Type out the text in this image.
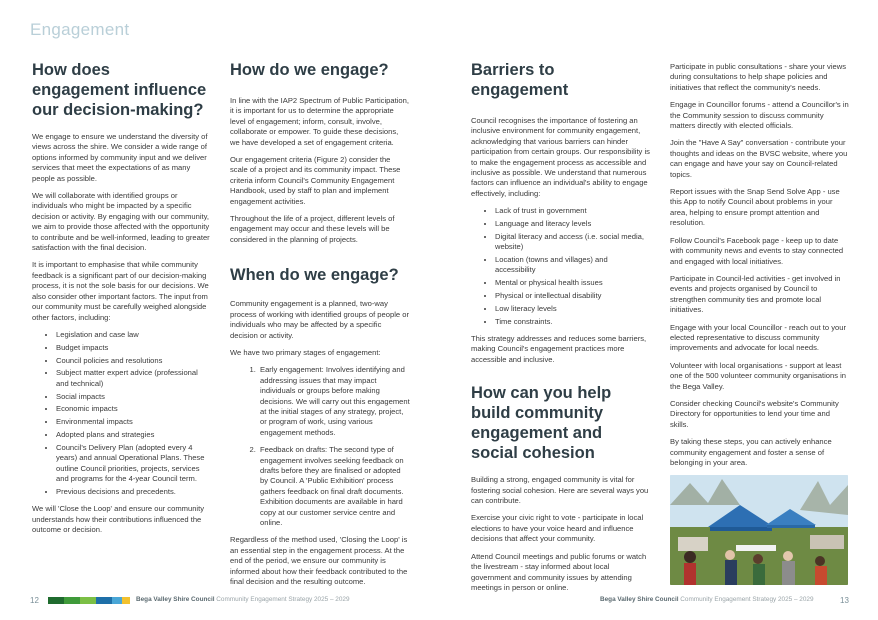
Engagement
How does engagement influence our decision-making?

We engage to ensure we understand the diversity of views across the shire. We consider a wide range of options informed by community input and we deliver services that meet the expectations of as many people as possible.

We will collaborate with identified groups or individuals who might be impacted by a specific decision or activity. By engaging with our community, we aim to provide those affected with the opportunity to contribute and be well-informed, leading to greater satisfaction with the final decision.

It is important to emphasise that while community feedback is a significant part of our decision-making process, it is not the sole basis for our decisions. We also consider other important factors. The input from our community must be carefully weighed alongside other factors, including:

• Legislation and case law
• Budget impacts
• Council policies and resolutions
• Subject matter expert advice (professional and technical)
• Social impacts
• Economic impacts
• Environmental impacts
• Adopted plans and strategies
• Council's Delivery Plan (adopted every 4 years) and annual Operational Plans. These outline Council priorities, projects, services and programs for the 4-year Council term.
• Previous decisions and precedents.

We will 'Close the Loop' and ensure our community understands how their contributions influenced the outcome or decision.

How do we engage?

In line with the IAP2 Spectrum of Public Participation, it is important for us to determine the appropriate level of engagement; inform, consult, involve, collaborate or empower. To guide these decisions, we have developed a set of engagement criteria.

Our engagement criteria (Figure 2) consider the scale of a project and its community impact. These criteria inform Council's Community Engagement Handbook, used by staff to plan and implement engagement activities.

Throughout the life of a project, different levels of engagement may occur and these levels will be considered in the planning of projects.

When do we engage?

Community engagement is a planned, two-way process of working with identified groups of people or individuals who may be affected by a specific decision or activity.

We have two primary stages of engagement:

1. Early engagement: Involves identifying and addressing issues that may impact individuals or groups before making decisions. We will carry out this engagement at the initial stages of any strategy, project, or program of work, using various engagement methods.
2. Feedback on drafts: The second type of engagement involves seeking feedback on drafts before they are finalised or adopted by Council. A 'Public Exhibition' process gathers feedback on final draft documents. Exhibition documents are available in hard copy at our customer service centre and online.

Regardless of the method used, 'Closing the Loop' is an essential step in the engagement process. At the end of the period, we ensure our community is informed about how their feedback contributed to the final decision and the resulting outcome.

Barriers to engagement

Council recognises the importance of fostering an inclusive environment for community engagement, acknowledging that various barriers can hinder participation from certain groups. Our responsibility is to make the engagement process as accessible and inclusive as possible. We understand that numerous factors can influence an individual's ability to engage effectively, including:

• Lack of trust in government
• Language and literacy levels
• Digital literacy and access (i.e. social media, website)
• Location (towns and villages) and accessibility
• Mental or physical health issues
• Physical or intellectual disability
• Low literacy levels
• Time constraints.

This strategy addresses and reduces some barriers, making Council's engagement practices more accessible and inclusive.

How can you help build community engagement and social cohesion

Building a strong, engaged community is vital for fostering social cohesion. Here are several ways you can contribute.

Exercise your civic right to vote - participate in local elections to have your voice heard and influence decisions that affect your community.

Attend Council meetings and public forums or watch the livestream - stay informed about local government and community issues by attending meetings in person or online.

Participate in public consultations - share your views during consultations to help shape policies and initiatives that reflect the community's needs.

Engage in Councillor forums - attend a Councillor's in the Community session to discuss community matters directly with elected officials.

Join the "Have A Say" conversation - contribute your thoughts and ideas on the BVSC website, where you can engage and have your say on Council-related topics.

Report issues with the Snap Send Solve App - use this App to notify Council about problems in your area, helping to ensure prompt attention and resolution.

Follow Council's Facebook page - keep up to date with community news and events to stay connected and engaged with local initiatives.

Participate in Council-led activities - get involved in events and projects organised by Council to strengthen community ties and promote local initiatives.

Engage with your local Councillor - reach out to your elected representative to discuss community improvements and advocate for local needs.

Volunteer with local organisations - support at least one of the 500 volunteer community organisations in the Bega Valley.

Consider checking Council's website's Community Directory for opportunities to lend your time and skills.

By taking these steps, you can actively enhance community engagement and foster a sense of belonging in your area.

12	Bega Valley Shire Council Community Engagement Strategy 2025 – 2029	Bega Valley Shire Council Community Engagement Strategy 2025 – 2029	13
